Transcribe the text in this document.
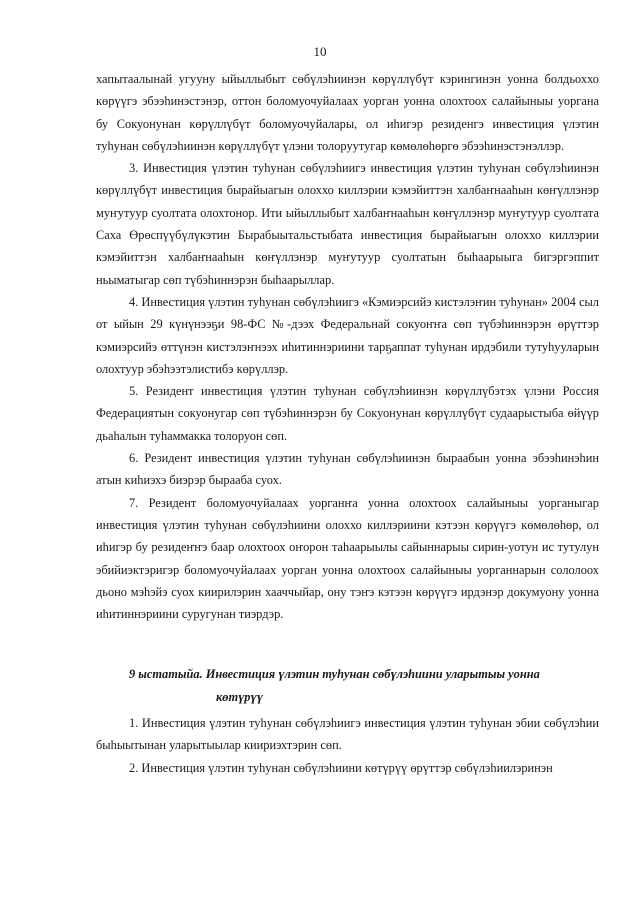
10

хапытаалынай угууну ыйыллыбыт сөбүлэһиинэн көрүллүбүт кэрингинэн уонна болдьоххо көрүүгэ эбээһинэстэнэр, оттон боломуочуйалаах уорган уонна олохтоох салайыныы уоргана бу Сокуонунан көрүллүбүт боломуочуйалары, ол иһигэр резиденгэ инвестиция үлэтин туһунан сөбүлэһиинэн көрүллүбүт үлэни толоруутугар көмөлөһөргө эбээһинэстэнэллэр.

3. Инвестиция үлэтин туһунан сөбүлэһиигэ инвестиция үлэтин туһунан сөбүлэһиинэн көрүллүбүт инвестиция бырайыагын олоххо киллэрии кэмэйиттэн халбаҥнааһын көҥүллэнэр муҥутуур суолтата олохтонор. Ити ыйыллыбыт халбаҥнааһын көҥүллэнэр муҥутуур суолтата Саха Өрөспүүбүлүкэтин Бырабыытальстыбата инвестиция бырайыагын олоххо киллэрии кэмэйиттэн халбаҥнааһын көҥүллэнэр муҥутуур суолтатын быһаарыыга бигэргэппит ньыматыгар сөп түбэһиннэрэн быһаарыллар.

4. Инвестиция үлэтин туһунан сөбүлэһиигэ «Кэмиэрсийэ кистэлэҥин туһунан» 2004 сыл от ыйын 29 күнүнээҕи 98-ФС №-дээх Федеральнай сокуоҥҥа сөп түбэһиннэрэн өрүттэр кэмиэрсийэ өттүнэн кистэлэҥнээх иһитиннэриини тарҕаппат туһунан ирдэбили тутуһууларын олохтуур эбэһээтэлистибэ көрүллэр.

5. Резидент инвестиция үлэтин туһунан сөбүлэһиинэн көрүллүбэтэх үлэни Россия Федерациятын сокуонугар сөп түбэһиннэрэн бу Сокуонунан көрүллүбүт судаарыстыба өйүүр дьаһалын туһаммакка толоруон сөп.

6. Резидент инвестиция үлэтин туһунан сөбүлэһиинэн быраабын уонна эбээһинэһин атын киһиэхэ биэрэр бырааба суох.

7. Резидент боломуочуйалаах уорганҥа уонна олохтоох салайыныы уорганыгар инвестиция үлэтин туһунан сөбүлэһиини олоххо киллэриини кэтээн көрүүгэ көмөлөһөр, ол иһигэр бу резидеҥҥэ баар олохтоох оҥорон таһаарыылы сайыннарыы сирин-уотун ис тутулун эбийиэктэригэр боломуочуйалаах уорган уонна олохтоох салайыныы уорганнарын сололоох дьоно мэһэйэ суох киирилэрин хааччыйар, ону тэҥэ кэтээн көрүүгэ ирдэнэр докумуону уонна иһитиннэриини суругунан тиэрдэр.

9 ыстатыйа. Инвестиция үлэтин туһунан сөбүлэһиини уларытыы уонна
көтүрүү

1. Инвестиция үлэтин туһунан сөбүлэһиигэ инвестиция үлэтин туһунан эбии сөбүлэһии быһыытынан уларытыылар киириэхтэрин сөп.

2. Инвестиция үлэтин туһунан сөбүлэһиини көтүрүү өрүттэр сөбүлэһиилэринэн
